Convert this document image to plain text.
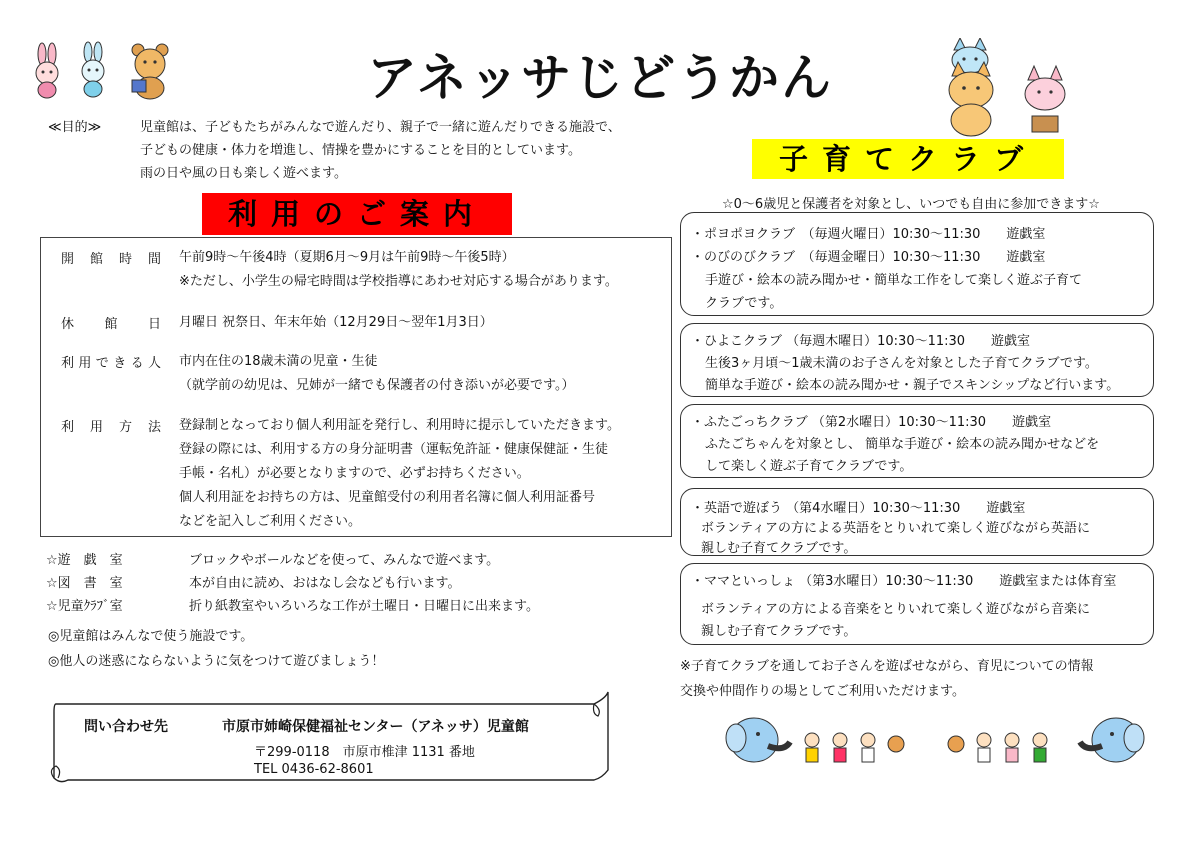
アネッサじどうかん
≪目的≫	児童館は、子どもたちがみんなで遊んだり、親子で一緒に遊んだりできる施設で、
子どもの健康・体力を増進し、情操を豊かにすることを目的としています。
雨の日や風の日も楽しく遊べます。
利用のご案内
開館時間 午前9時～午後4時（夏期6月～9月は午前9時～午後5時）
※ただし、小学生の帰宅時間は学校指導にあわせ対応する場合があります。
休館日 月曜日 祝祭日、年末年始（12月29日～翌年1月3日）
利用できる人 市内在住の18歳未満の児童・生徒
（就学前の幼児は、兄姉が一緒でも保護者の付き添いが必要です。）
利用方法 登録制となっており個人利用証を発行し、利用時に提示していただきます。
登録の際には、利用する方の身分証明書（運転免許証・健康保健証・生徒
手帳・名札）が必要となりますので、必ずお持ちください。
個人利用証をお持ちの方は、児童館受付の利用者名簿に個人利用証番号
などを記入しご利用ください。
☆遊　戯　室	ブロックやボールなどを使って、みんなで遊べます。
☆図　書　室	本が自由に読め、おはなし会なども行います。
☆児童ｸﾗﾌﾞ室	折り紙教室やいろいろな工作が土曜日・日曜日に出来ます。
◎児童館はみんなで使う施設です。
◎他人の迷惑にならないように気をつけて遊びましょう！
問い合わせ先	市原市姉崎保健福祉センター（アネッサ）児童館
〒299-0118　市原市椎津 1131 番地
TEL 0436-62-8601
子育てクラブ
☆0～6歳児と保護者を対象とし、いつでも自由に参加できます☆

・ポヨポヨクラブ　（毎週火曜日）10:30～11:30　　遊戯室

・のびのびクラブ　（毎週金曜日）10:30～11:30　　遊戯室

手遊び・絵本の読み聞かせ・簡単な工作をして楽しく遊ぶ子育て

クラブです。

・ひよこクラブ （毎週木曜日）10:30～11:30　　遊戯室

生後3ヶ月頃～1歳未満のお子さんを対象とした子育てクラブです。

簡単な手遊び・絵本の読み聞かせ・親子でスキンシップなど行います。

・ふたごっちクラブ （第2水曜日）10:30～11:30　　遊戯室

ふたごちゃんを対象とし、 簡単な手遊び・絵本の読み聞かせなどを

して楽しく遊ぶ子育てクラブです。

・英語で遊ぼう （第4水曜日）10:30～11:30　　遊戯室

ボランティアの方による英語をとりいれて楽しく遊びながら英語に

親しむ子育てクラブです。

・ママといっしょ （第3水曜日）10:30～11:30　　遊戯室または体育室

ボランティアの方による音楽をとりいれて楽しく遊びながら音楽に

親しむ子育てクラブです。

※子育てクラブを通してお子さんを遊ばせながら、育児についての情報
交換や仲間作りの場としてご利用いただけます。
